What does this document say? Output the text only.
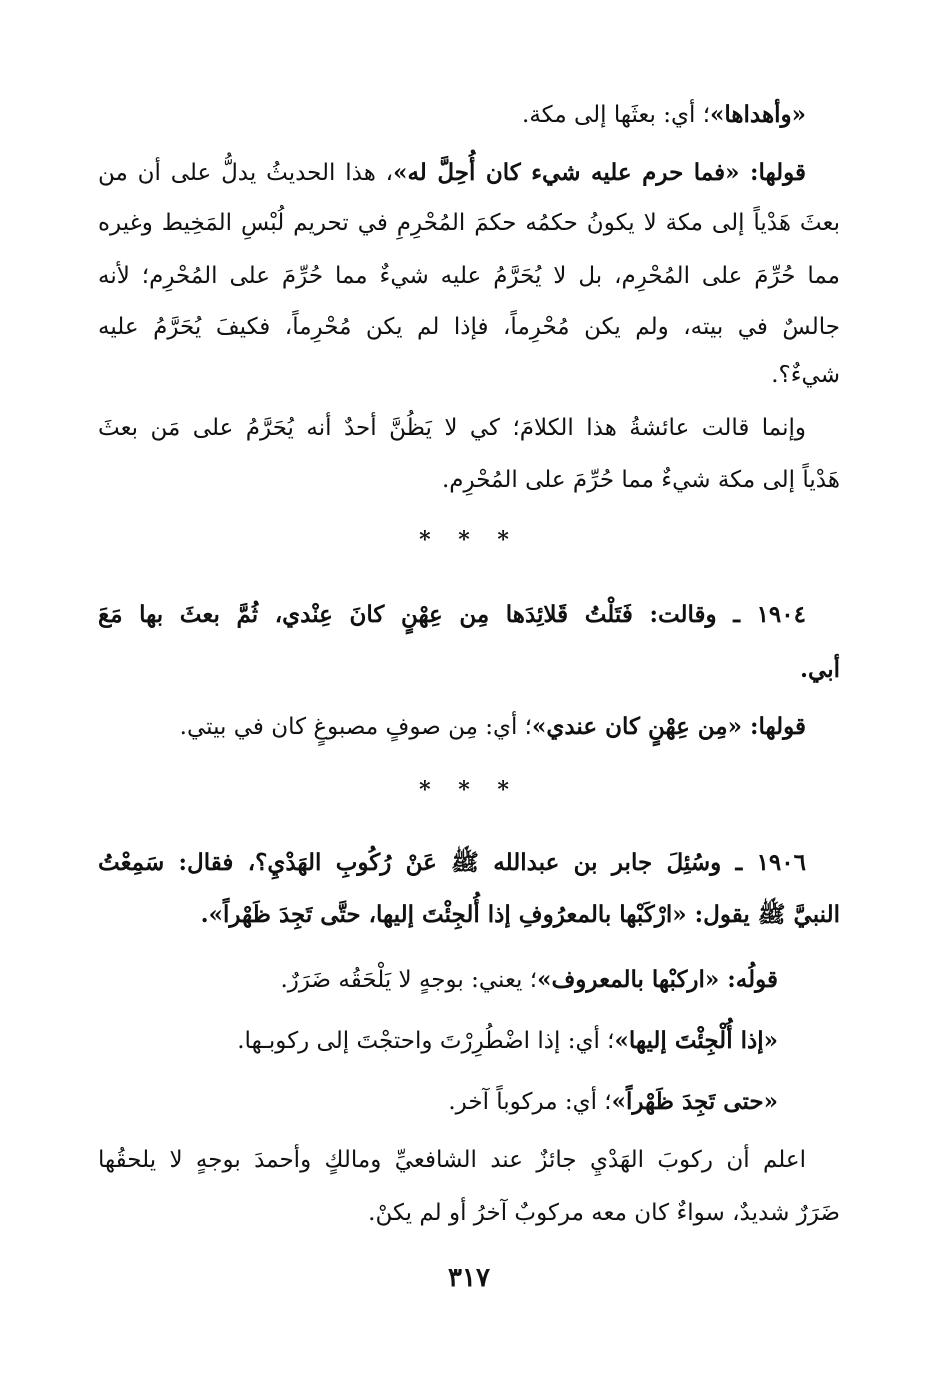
«وأهداها»؛ أي: بعثَها إلى مكة.

قولها: «فما حرم عليه شيء كان أُحِلَّ له»، هذا الحديثُ يدلُّ على أن من

بعثَ هَدْياً إلى مكة لا يكونُ حكمُه حكمَ المُحْرِمِ في تحريم لُبْسِ المَخِيط وغيره

مما حُرِّمَ على المُحْرِم، بل لا يُحَرَّمُ عليه شيءٌ مما حُرِّمَ على المُحْرِم؛ لأنه

جالسٌ في بيته، ولم يكن مُحْرِماً، فإذا لم يكن مُحْرِماً، فكيفَ يُحَرَّمُ عليه

شيءٌ؟.

وإنما قالت عائشةُ هذا الكلامَ؛ كي لا يَظُنَّ أحدٌ أنه يُحَرَّمُ على مَن بعثَ

هَدْياً إلى مكة شيءٌ مما حُرِّمَ على المُحْرِم.

* * *

١٩٠٤ ـ وقالت: فَتَلْتُ قَلائِدَها مِن عِهْنٍ كانَ عِنْدي، ثُمَّ بعثَ بها مَعَ

أبي.

قولها: «مِن عِهْنٍ كان عندي»؛ أي: مِن صوفٍ مصبوغٍ كان في بيتي.

* * *

١٩٠٦ ـ وسُئِلَ جابر بن عبدالله ﷺ عَنْ رُكُوبِ الهَدْيِ؟، فقال: سَمِعْتُ

النبيَّ ﷺ يقول: «ارْكَبْها بالمعرُوفِ إذا أُلجِئْتَ إليها، حتَّى تَجِدَ ظَهْراً».

قولُه: «اركبْها بالمعروف»؛ يعني: بوجهٍ لا يَلْحَقُه ضَرَرٌ.

«إذا أُلْجِئْتَ إليها»؛ أي: إذا اضْطُرِرْتَ واحتجْتَ إلى ركوبـها.

«حتى تَجِدَ ظَهْراً»؛ أي: مركوباً آخر.

اعلم أن ركوبَ الهَدْيِ جائزٌ عند الشافعيِّ ومالكٍ وأحمدَ بوجهٍ لا يلحقُها

ضَرَرٌ شديدٌ، سواءٌ كان معه مركوبٌ آخرُ أو لم يكنْ.

٣١٧
